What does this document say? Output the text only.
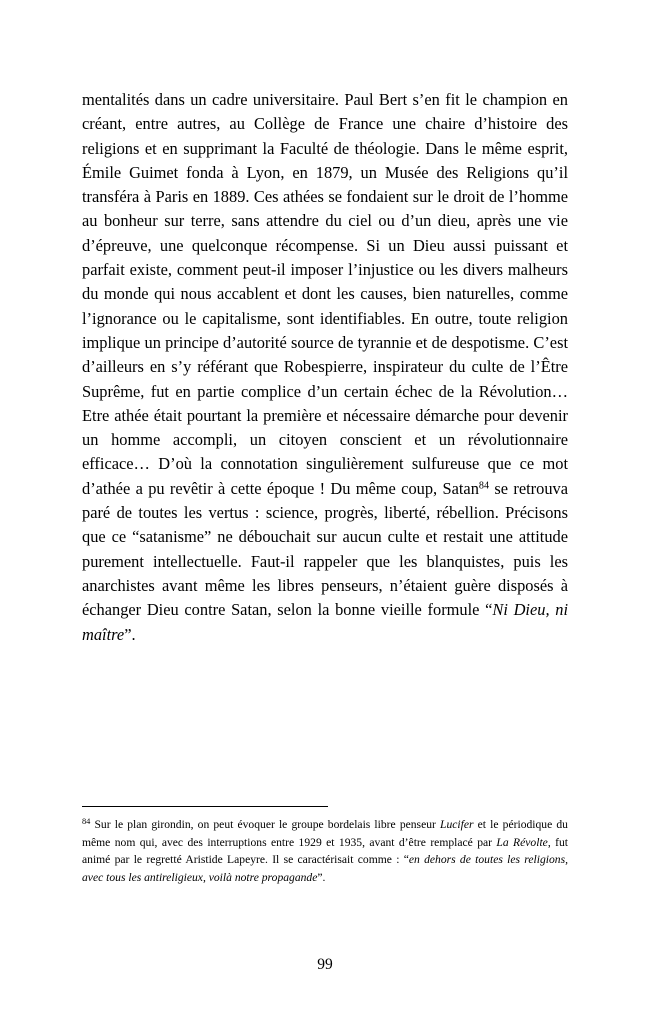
mentalités dans un cadre universitaire. Paul Bert s’en fit le champion en créant, entre autres, au Collège de France une chaire d’histoire des religions et en supprimant la Faculté de théologie. Dans le même esprit, Émile Guimet fonda à Lyon, en 1879, un Musée des Religions qu’il transféra à Paris en 1889. Ces athées se fondaient sur le droit de l’homme au bonheur sur terre, sans attendre du ciel ou d’un dieu, après une vie d’épreuve, une quelconque récompense. Si un Dieu aussi puissant et parfait existe, comment peut-il imposer l’injustice ou les divers malheurs du monde qui nous accablent et dont les causes, bien naturelles, comme l’ignorance ou le capitalisme, sont identifiables. En outre, toute religion implique un principe d’autorité source de tyrannie et de despotisme. C’est d’ailleurs en s’y référant que Robespierre, inspirateur du culte de l’Être Suprême, fut en partie complice d’un certain échec de la Révolution… Etre athée était pourtant la première et nécessaire démarche pour devenir un homme accompli, un citoyen conscient et un révolutionnaire efficace… D’où la connotation singulièrement sulfureuse que ce mot d’athée a pu revêtir à cette époque ! Du même coup, Satan$^{84}$ se retrouva paré de toutes les vertus : science, progrès, liberté, rébellion. Précisons que ce “satanisme” ne débouchait sur aucun culte et restait une attitude purement intellectuelle. Faut-il rappeler que les blanquistes, puis les anarchistes avant même les libres penseurs, n’étaient guère disposés à échanger Dieu contre Satan, selon la bonne vieille formule “Ni Dieu, ni maître”.

$^{84}$ Sur le plan girondin, on peut évoquer le groupe bordelais libre penseur Lucifer et le périodique du même nom qui, avec des interruptions entre 1929 et 1935, avant d’être remplacé par La Révolte, fut animé par le regretté Aristide Lapeyre. Il se caractérisait comme : “en dehors de toutes les religions, avec tous les antireligieux, voilà notre propagande”.

99
